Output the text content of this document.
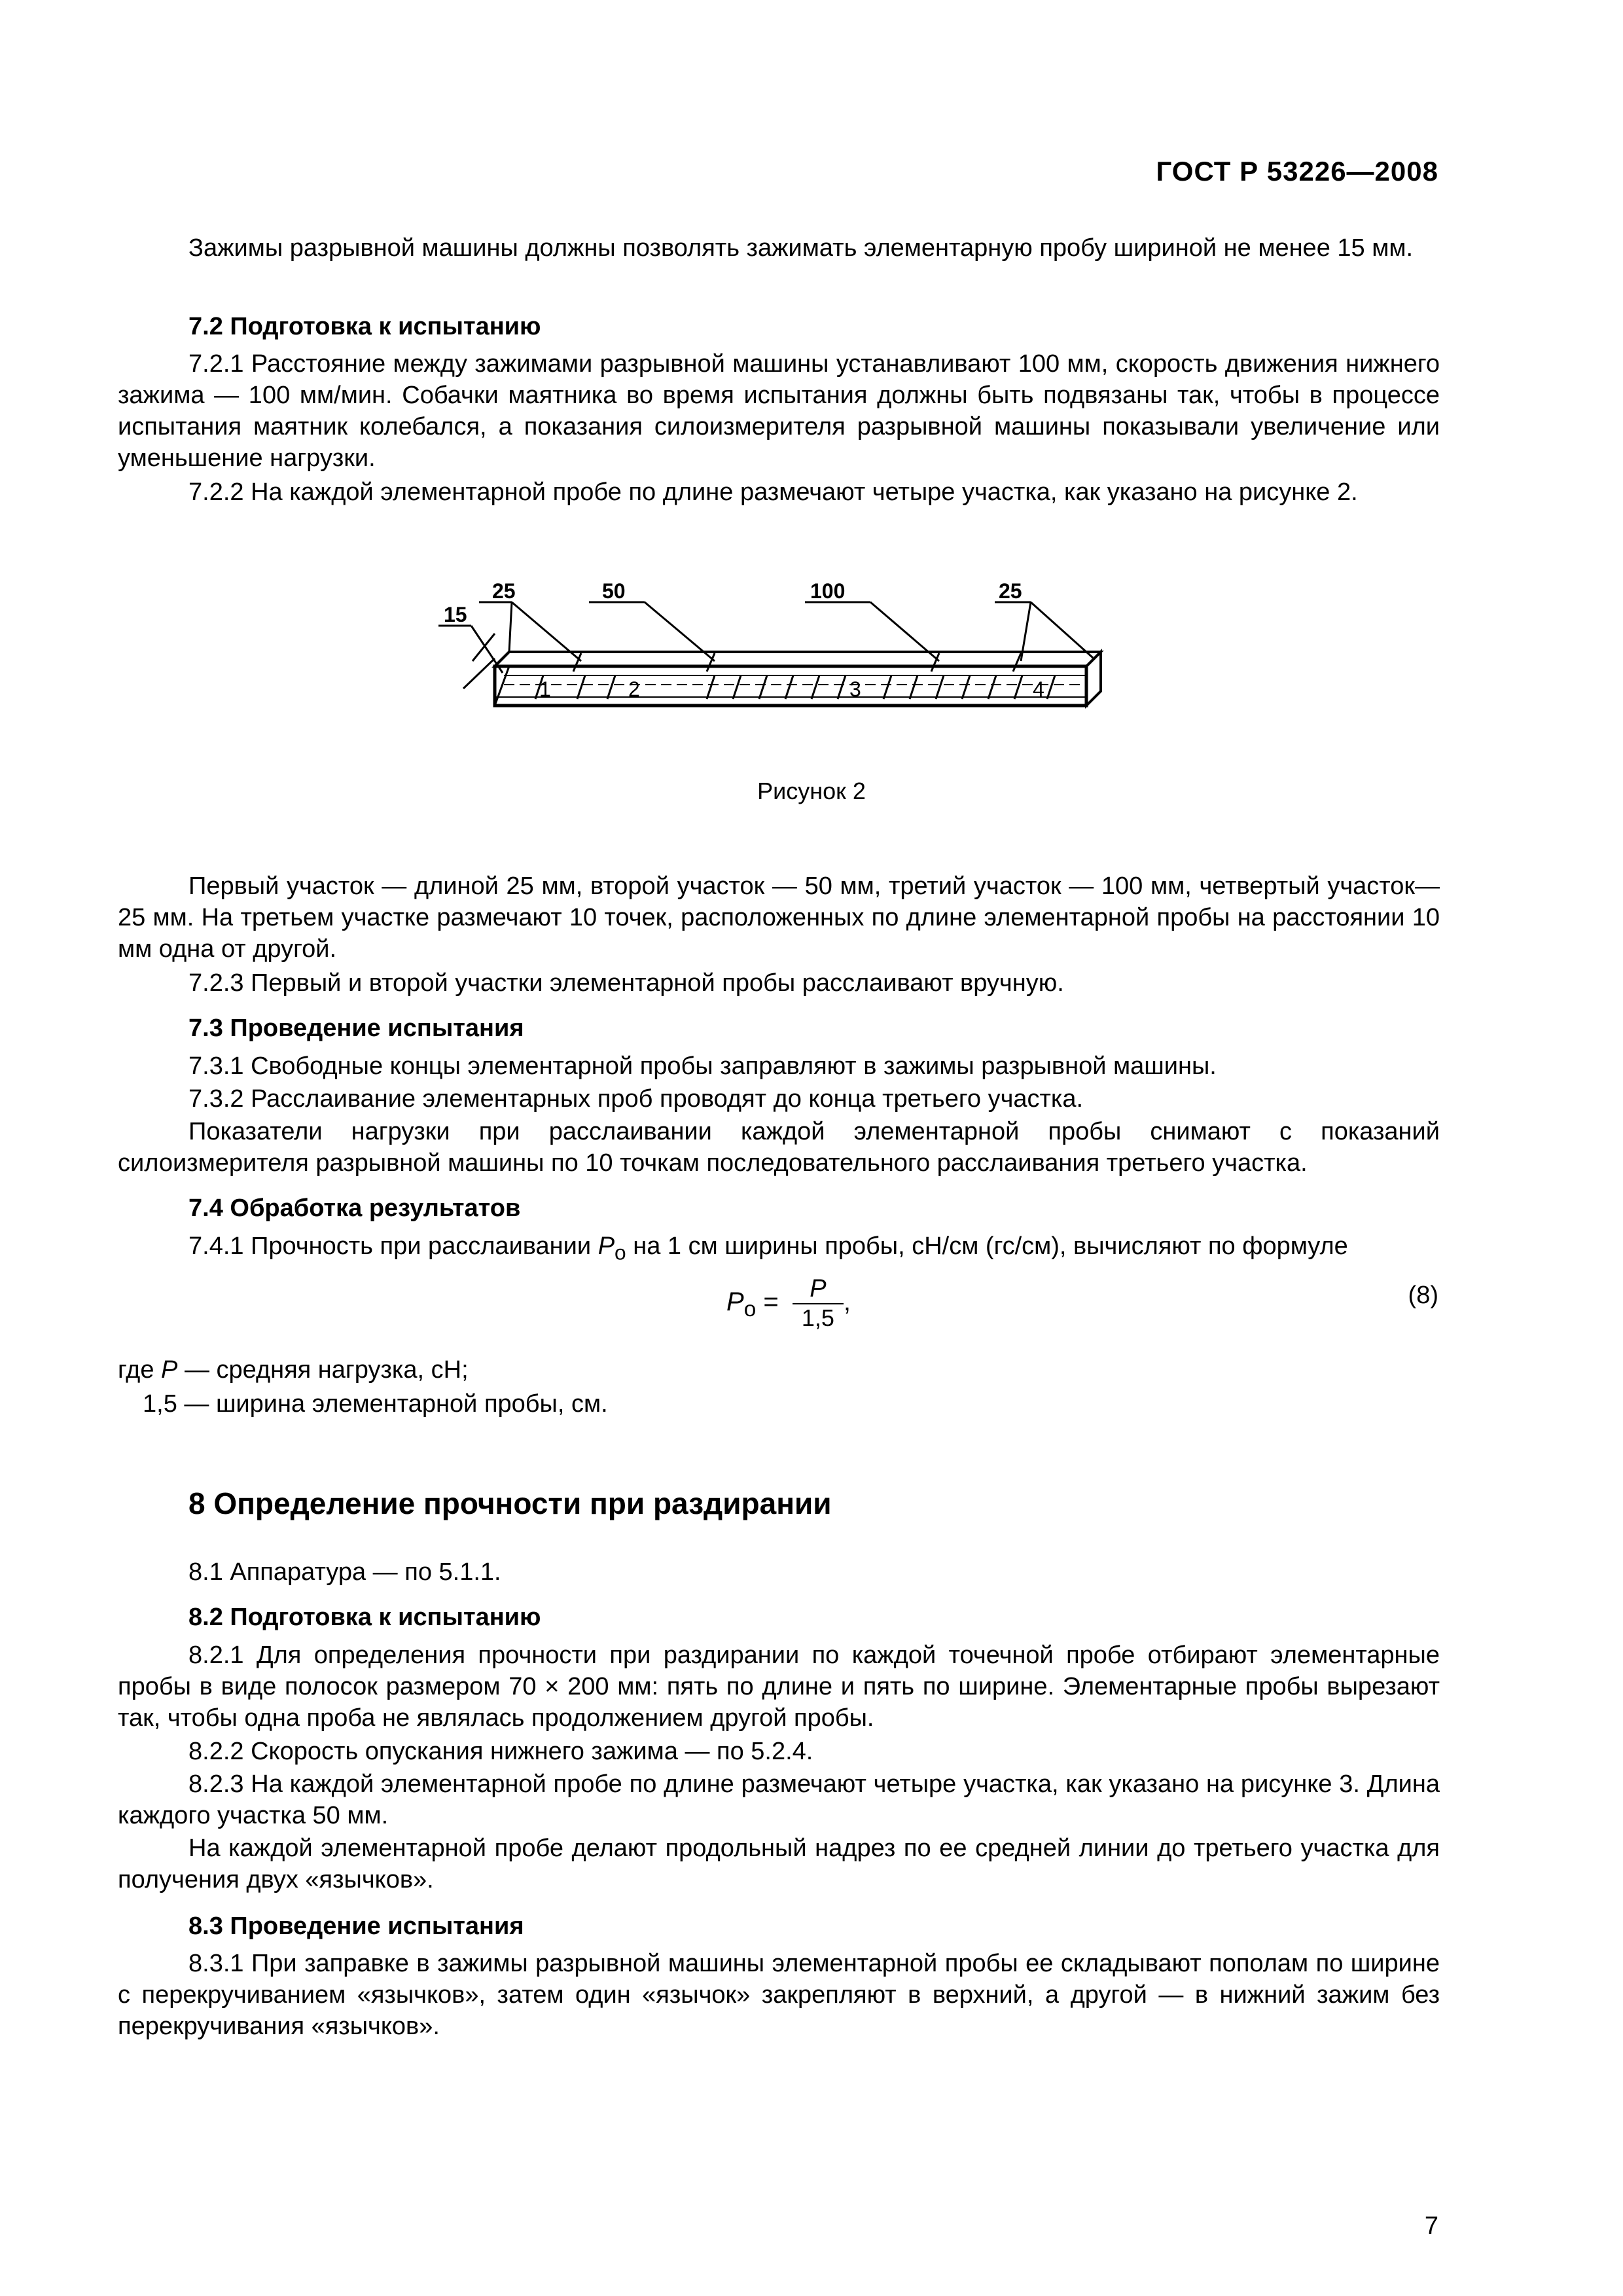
ГОСТ Р 53226—2008
Зажимы разрывной машины должны позволять зажимать элементарную пробу шириной не менее 15 мм.
7.2 Подготовка к испытанию
7.2.1 Расстояние между зажимами разрывной машины устанавливают 100 мм, скорость движения нижнего зажима — 100 мм/мин. Собачки маятника во время испытания должны быть подвязаны так, чтобы в процессе испытания маятник колебался, а показания силоизмерителя разрывной машины показывали увеличение или уменьшение нагрузки.
7.2.2 На каждой элементарной пробе по длине размечают четыре участка, как указано на рисунке 2.
15
25	50	100	25
1	2	3	4
Рисунок 2
Первый участок — длиной 25 мм, второй участок — 50 мм, третий участок — 100 мм, четвертый участок— 25 мм. На третьем участке размечают 10 точек, расположенных по длине элементарной пробы на расстоянии 10 мм одна от другой.
7.2.3 Первый и второй участки элементарной пробы расслаивают вручную.
7.3 Проведение испытания
7.3.1 Свободные концы элементарной пробы заправляют в зажимы разрывной машины.
7.3.2 Расслаивание элементарных проб проводят до конца третьего участка.
Показатели нагрузки при расслаивании каждой элементарной пробы снимают с показаний силоизмерителя разрывной машины по 10 точкам последовательного расслаивания третьего участка.
7.4 Обработка результатов
7.4.1 Прочность при расслаивании $P_о$ на 1 см ширины пробы, сН/см (гс/см), вычисляют по формуле
$P_о = \frac{P}{1,5}$ ,	(8)
где P — средняя нагрузка, сН;
1,5 — ширина элементарной пробы, см.
8 Определение прочности при раздирании
8.1 Аппаратура — по 5.1.1.
8.2 Подготовка к испытанию
8.2.1 Для определения прочности при раздирании по каждой точечной пробе отбирают элементарные пробы в виде полосок размером 70 × 200 мм: пять по длине и пять по ширине. Элементарные пробы вырезают так, чтобы одна проба не являлась продолжением другой пробы.
8.2.2 Скорость опускания нижнего зажима — по 5.2.4.
8.2.3 На каждой элементарной пробе по длине размечают четыре участка, как указано на рисунке 3. Длина каждого участка 50 мм.
На каждой элементарной пробе делают продольный надрез по ее средней линии до третьего участка для получения двух «язычков».
8.3 Проведение испытания
8.3.1 При заправке в зажимы разрывной машины элементарной пробы ее складывают пополам по ширине с перекручиванием «язычков», затем один «язычок» закрепляют в верхний, а другой — в нижний зажим без перекручивания «язычков».
7
